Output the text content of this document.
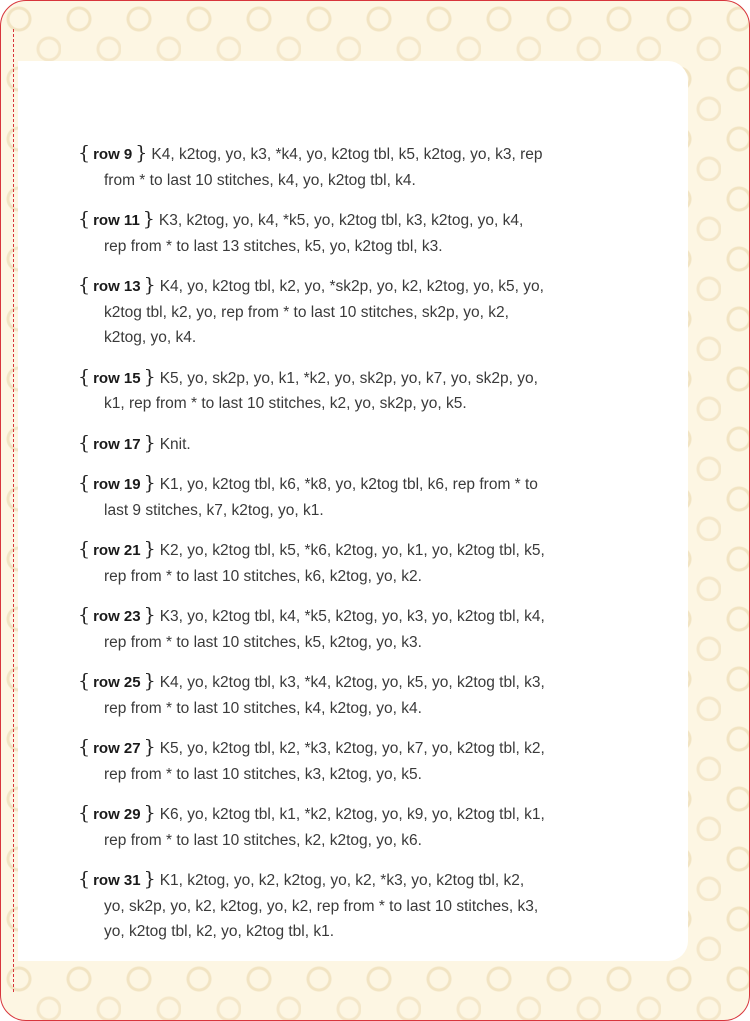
{ row 9 } K4, k2tog, yo, k3, *k4, yo, k2tog tbl, k5, k2tog, yo, k3, rep from * to last 10 stitches, k4, yo, k2tog tbl, k4.
{ row 11 } K3, k2tog, yo, k4, *k5, yo, k2tog tbl, k3, k2tog, yo, k4, rep from * to last 13 stitches, k5, yo, k2tog tbl, k3.
{ row 13 } K4, yo, k2tog tbl, k2, yo, *sk2p, yo, k2, k2tog, yo, k5, yo, k2tog tbl, k2, yo, rep from * to last 10 stitches, sk2p, yo, k2, k2tog, yo, k4.
{ row 15 } K5, yo, sk2p, yo, k1, *k2, yo, sk2p, yo, k7, yo, sk2p, yo, k1, rep from * to last 10 stitches, k2, yo, sk2p, yo, k5.
{ row 17 } Knit.
{ row 19 } K1, yo, k2tog tbl, k6, *k8, yo, k2tog tbl, k6, rep from * to last 9 stitches, k7, k2tog, yo, k1.
{ row 21 } K2, yo, k2tog tbl, k5, *k6, k2tog, yo, k1, yo, k2tog tbl, k5, rep from * to last 10 stitches, k6, k2tog, yo, k2.
{ row 23 } K3, yo, k2tog tbl, k4, *k5, k2tog, yo, k3, yo, k2tog tbl, k4, rep from * to last 10 stitches, k5, k2tog, yo, k3.
{ row 25 } K4, yo, k2tog tbl, k3, *k4, k2tog, yo, k5, yo, k2tog tbl, k3, rep from * to last 10 stitches, k4, k2tog, yo, k4.
{ row 27 } K5, yo, k2tog tbl, k2, *k3, k2tog, yo, k7, yo, k2tog tbl, k2, rep from * to last 10 stitches, k3, k2tog, yo, k5.
{ row 29 } K6, yo, k2tog tbl, k1, *k2, k2tog, yo, k9, yo, k2tog tbl, k1, rep from * to last 10 stitches, k2, k2tog, yo, k6.
{ row 31 } K1, k2tog, yo, k2, k2tog, yo, k2, *k3, yo, k2tog tbl, k2, yo, sk2p, yo, k2, k2tog, yo, k2, rep from * to last 10 stitches, k3, yo, k2tog tbl, k2, yo, k2tog tbl, k1.
